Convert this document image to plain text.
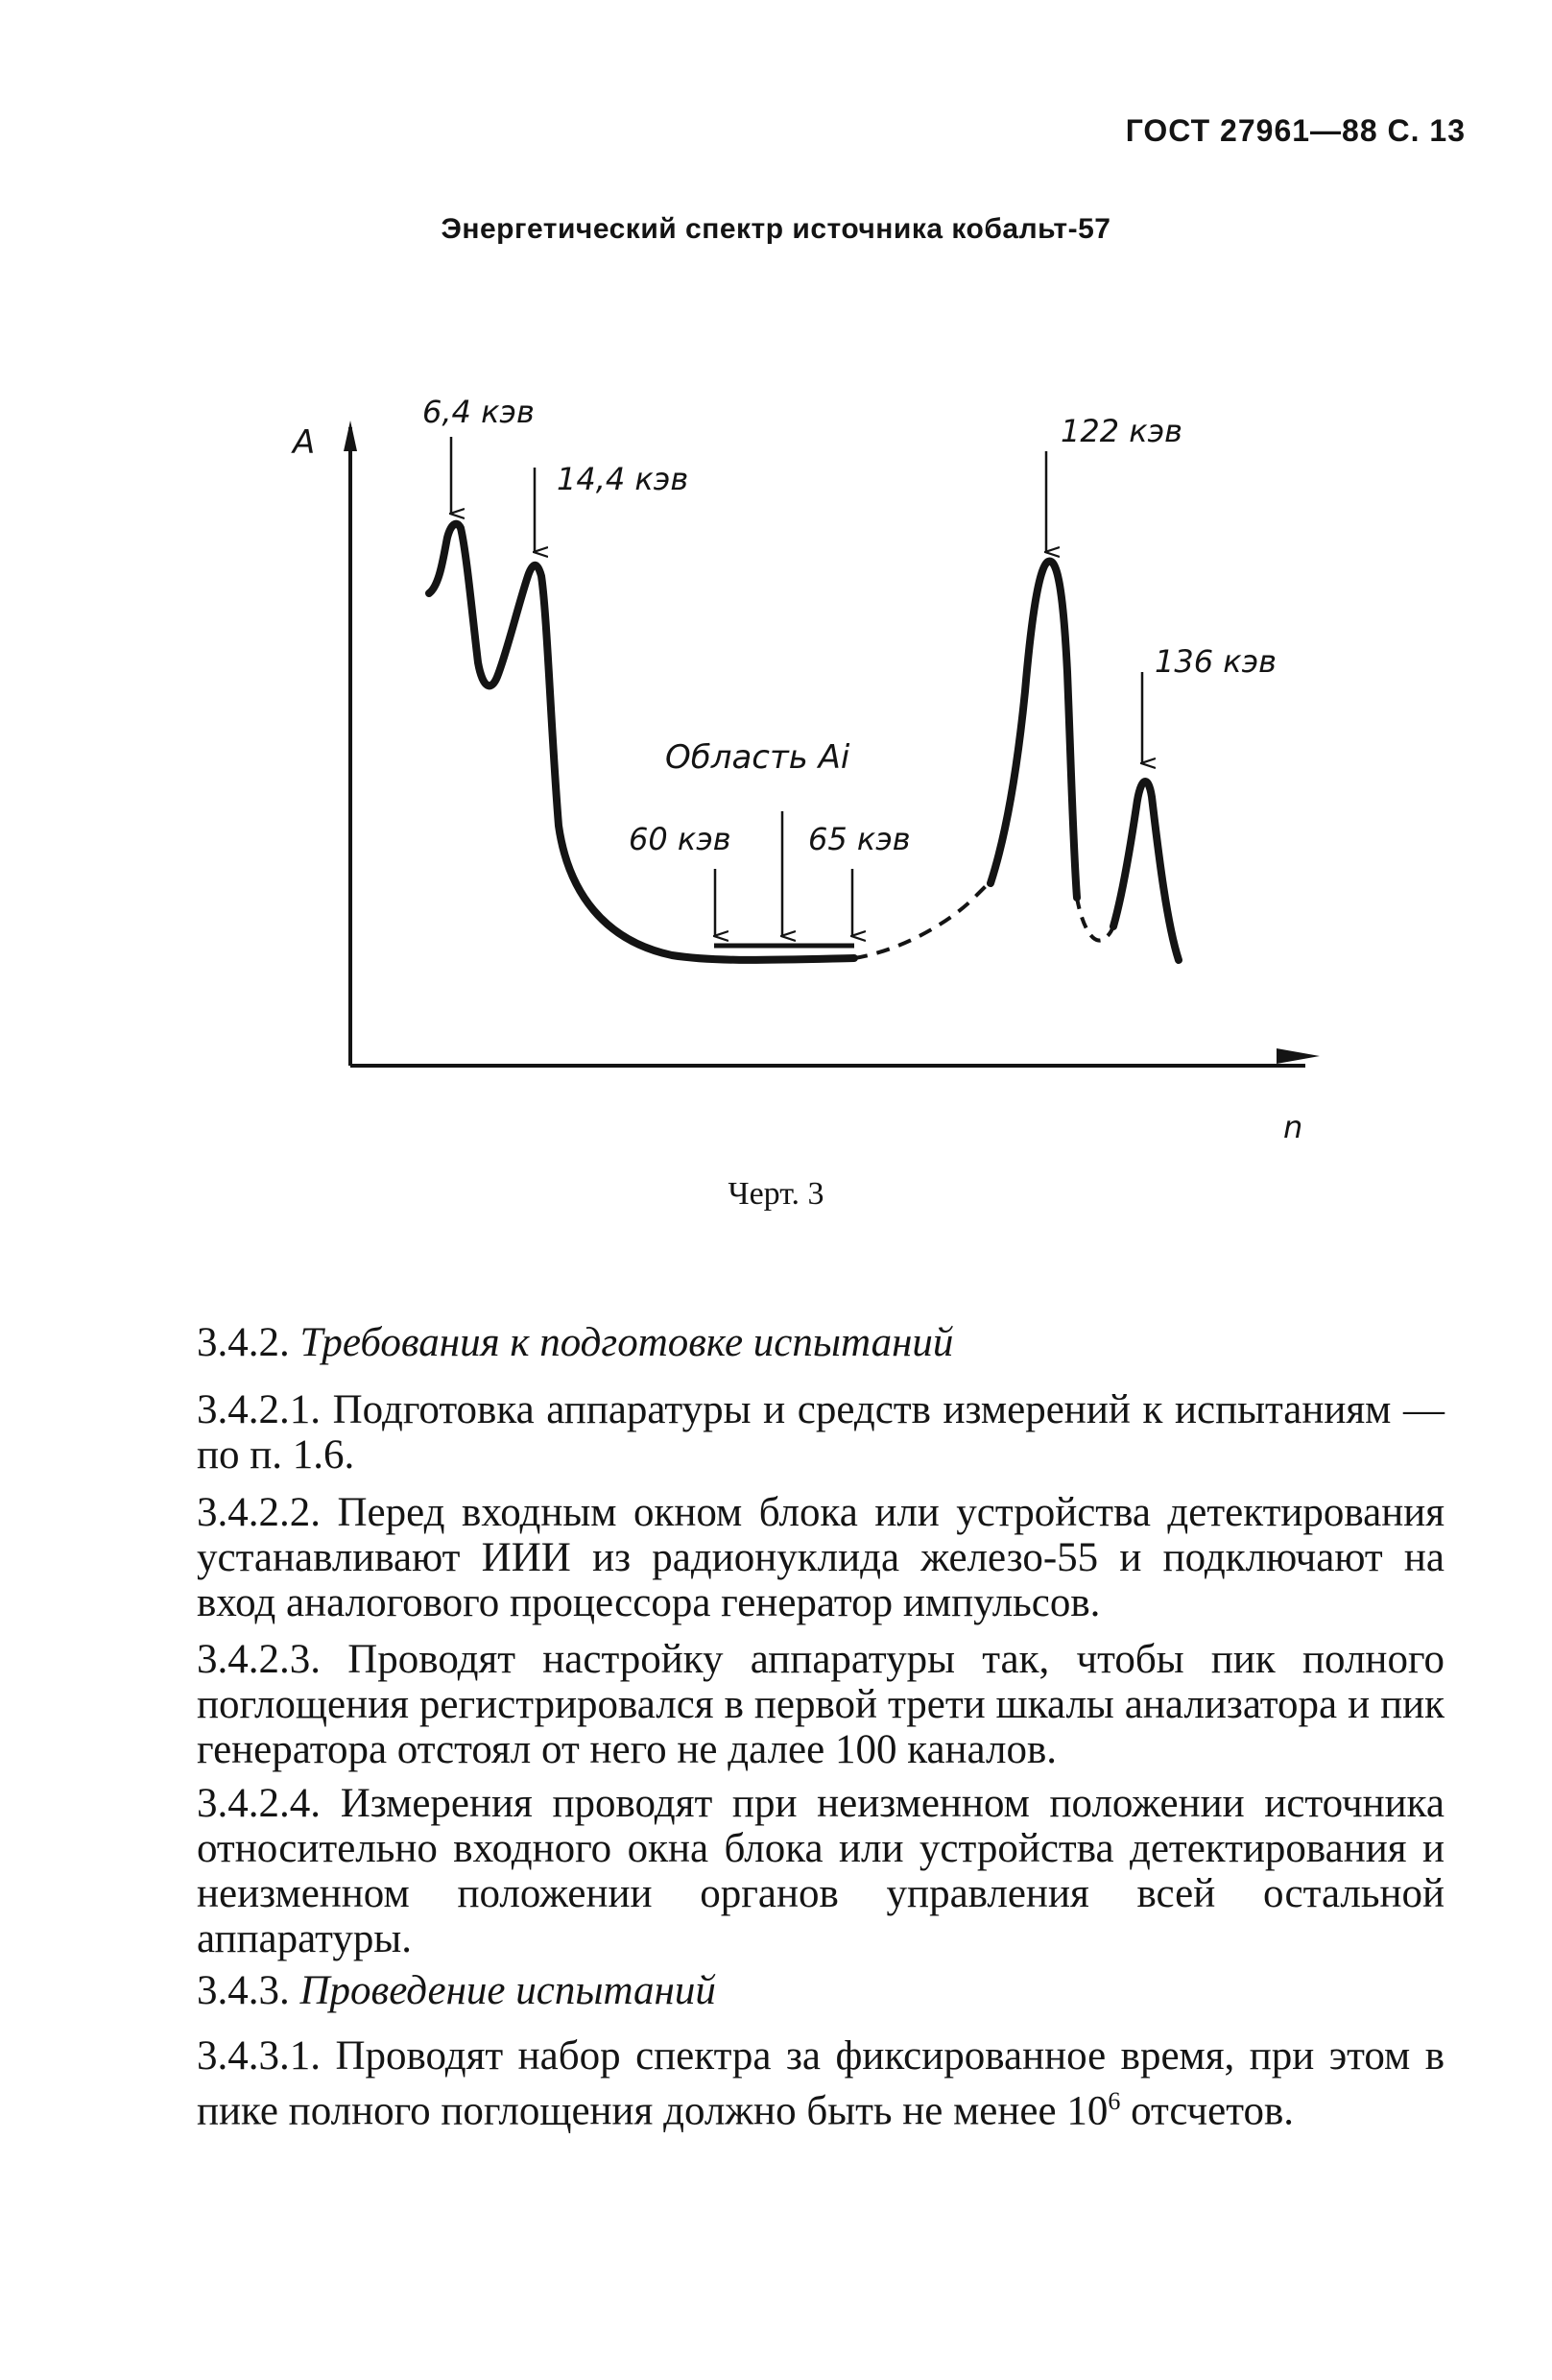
ГОСТ 27961—88 С. 13
Энергетический спектр источника кобальт-57
A
n
6,4 кэв
14,4 кэв
122 кэв
136 кэв
Область Ai
60 кэв	65 кэв
Черт. 3

3.4.2. Требования к подготовке испытаний

3.4.2.1. Подготовка аппаратуры и средств измерений к испытаниям — по п. 1.6.

3.4.2.2. Перед входным окном блока или устройства детектирования устанавливают ИИИ из радионуклида железо-55 и подключают на вход аналогового процессора генератор импульсов.

3.4.2.3. Проводят настройку аппаратуры так, чтобы пик полного поглощения регистрировался в первой трети шкалы анализатора и пик генератора отстоял от него не далее 100 каналов.

3.4.2.4. Измерения проводят при неизменном положении источника относительно входного окна блока или устройства детектирования и неизменном положении органов управления всей остальной аппаратуры.

3.4.3. Проведение испытаний

3.4.3.1. Проводят набор спектра за фиксированное время, при этом в пике полного поглощения должно быть не менее $10^6$ отсчетов.
